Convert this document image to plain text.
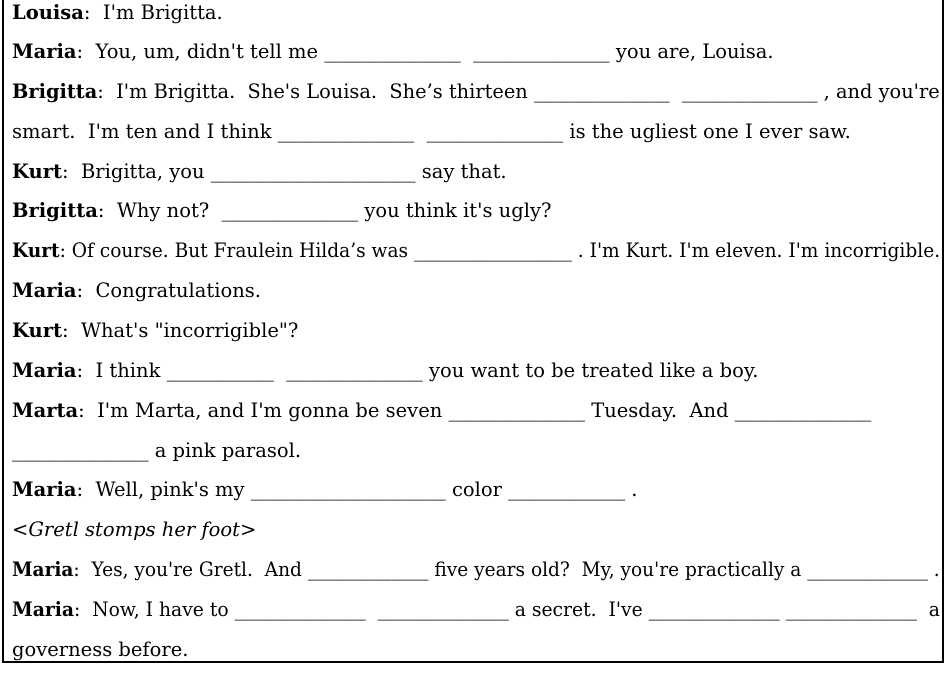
Louisa:  I'm Brigitta.
Maria:  You, um, didn't tell me ______________  ______________ you are, Louisa.
Brigitta:  I'm Brigitta.  She's Louisa.  She’s thirteen ______________  ______________ , and you're
smart.  I'm ten and I think ______________  ______________ is the ugliest one I ever saw.
Kurt:  Brigitta, you _____________________ say that.
Brigitta:  Why not?  ______________ you think it's ugly?
Kurt: Of course. But Fraulein Hilda’s was _________________ . I'm Kurt. I'm eleven. I'm incorrigible.
Maria:  Congratulations.
Kurt:  What's "incorrigible"?
Maria:  I think ___________  ______________ you want to be treated like a boy.
Marta:  I'm Marta, and I'm gonna be seven ______________ Tuesday.  And ______________
______________ a pink parasol.
Maria:  Well, pink's my ____________________ color ____________ .
<Gretl stomps her foot>
Maria:  Yes, you're Gretl.  And _____________ five years old?  My, you're practically a _____________ .
Maria:  Now, I have to ______________  ______________ a secret.  I've ______________ ______________  a
governess before.
